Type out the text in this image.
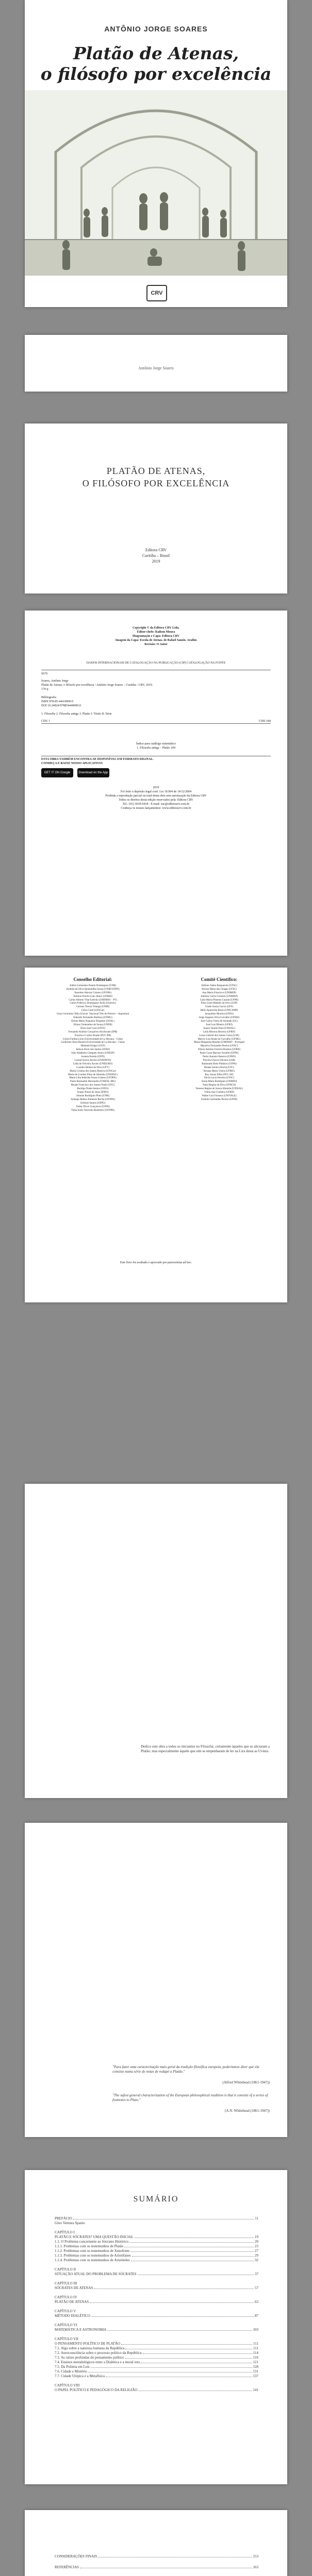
ANTÔNIO JORGE SOARES
Platão de Atenas,
o filósofo por excelência
CRV
Antônio Jorge Soares
PLATÃO DE ATENAS,
O FILÓSOFO POR EXCELÊNCIA
Editora CRV
Curitiba – Brasil
2019
Copyright © da Editora CRV Ltda.
Editor-chefe: Railson Moura
Diagramação e Capa: Editora CRV
Imagem da Capa: Escola de Atenas, de Rafael Sanzio. Arafim
Revisão: O Autor
DADOS INTERNACIONAIS DE CATALOGAÇÃO NA PUBLICAÇÃO (CIP) CATALOGAÇÃO NA FONTE
S676
Soares, Antônio Jorge
Platão de Atenas, o filósofo por excelência / Antônio Jorge Soares – Curitiba : CRV, 2019.
170 p.
Bibliografia
ISBN 978-85-444-0000-0
DOI 10.24824/978854440000.0
1. Filosofia 2. Filosofia antiga 3. Platão I. Título II. Série
CDU 1	CDD 184
Índice para catálogo sistemático
1. Filosofia antiga – Platão 184
ESTA OBRA TAMBÉM ENCONTRA-SE DISPONÍVEL EM FORMATO DIGITAL.
CONHEÇA E BAIXE NOSSO APLICATIVO!
GET IT ON Google Play
Download on the App Store
2019
Foi feito o depósito legal conf. Lei 10.994 de 14/12/2004
Proibida a reprodução parcial ou total desta obra sem autorização da Editora CRV
Todos os direitos desta edição reservados pela: Editora CRV
Tel.: (41) 3039-6418 - E-mail: sac@editoracrv.com.br
Conheça os nossos lançamentos: www.editoracrv.com.br
Conselho Editorial:
Aldira Guimarães Duarte Domínguez (UNB)
Andréia da Silva Quintanilha Sousa (UNIR/UFRN)
Anselmo Alencar Colares (UFOPA)
Antônio Pereira Gaio Júnior (UFRRJ)
Carlos Alberto Vilar Estêvão (UMINHO – PT)
Carlos Federico Dominguez Avila (Unieuro)
Carmen Tereza Velanga (UNIR)
Celso Conti (UFSCar)
Cesar Gerónimo Tello (Univer .Nacional Três de Febrero – Argentina)
Eduardo Fernandes Barbosa (UFMG)
Elione Maria Nogueira Diogenes (UFAL)
Elizeu Clementino de Souza (UNEB)
Élsio José Corá (UFFS)
Fernando Antônio Gonçalves Alcoforado (IPB)
Francisco Carlos Duarte (PUC-PR)
Gloria Fariñas León (Universidade de La Havana – Cuba)
Guillermo Arias Beatón (Universidade de La Havana – Cuba)
Helmuth Krüger (UCP)
Jailson Alves dos Santos (UFRJ)
João Adalberto Campato Junior (UNESP)
Josania Portela (UFPI)
Leonel Severo Rocha (UNISINOS)
Lídia de Oliveira Xavier (UNIEURO)
Lourdes Helena da Silva (UFV)
Maria Cristina dos Santos Bezerra (UFSCar)
Maria de Lourdes Pinto de Almeida (UNOESC)
Maria Lília Imbiriba Sousa Colares (UFOPA)
Paulo Romualdo Hernandes (UNIFAL-MG)
Renato Francisco dos Santos Paula (UFG)
Rodrigo Pratte-Santos (UFES)
Sergio Nunes de Jesus (IFRO)
Simone Rodrigues Pinto (UNB)
Solange Helena Ximenes-Rocha (UFOPA)
Sydione Santos (UEPG)
Tadeu Oliver Gonçalves (UFPA)
Tania Suely Azevedo Brasileiro (UFOPA)
Comitê Científico:
Adilson Tadeu Basquerote (UFSC)
Afonso Maria das Chagas (UFSC)
Ana Maria Francisco (UNIMEP)
Antônio Carlos Giuliani (UNIMEP)
Carla Maria Pimenta Casada (UFPR)
Elisa Gemi Mendes da Silva (USP)
Gisele Souza Garcia (UFF)
Hélio Aparecido Rossi (UNICAMP)
Jacqueline Moreira (UFES)
Jorge Augusto Silva Carvalho (UFMA)
José Carlos Vieira de Andrade (UC)
José Luiz Ribeiro (UFRJ)
Juarez Varallo Pont (UNISAL)
Leila Moreira Bezerra (UFRN)
Lucas Gabriel dos Santos Costa (USP)
Marcio Luiz Bunte de Carvalho (UFMG)
Maria Margarida Mendes (UMINHO – Portugal)
Maurício Fernandes Pereira (UFSC)
Nilson Antônio Ferreira Roseira (UFRN)
Paulo Cesar Barroso Serafim (UFPA)
Pedro Antonio Bezerra (UFRN)
Priscila Chaves Oliveira (UnB)
Raimundo Brito Pinheiro (UFPA)
Renata Saraiva Rocha (UFC)
Rosana Maria Vieira (UFMG)
Ruy Souza Filho (PUC-SP)
Silvia Lucia Ferreira (UFSC)
Sonia Maria Rodrigues (UNIRIO)
Tania Regina da Silva (UFRGS)
Vanessa Regina de Souza Almeida (UNISAL)
Vilma Ana Coimbra (UFRN)
Walter Luís Fonseca (UNIVALE)
Zuleide Guimarães Pereira (UFPE)
Este livro foi avaliado e aprovado por pareceristas ad hoc.
Dedico este obra a todos os iniciantes no Filosofar, certamente àqueles que se aliciaram a Platão; mas especialmente àquele que sim se empenharam de ler na Lira desta as Uvinta.
"Para fazer uma caracterização mais geral da tradição filosófica europeia, poderíamos dizer que ela consiste numa série de notas de rodapé a Platão."
(Alfred Whitehead (1861-1947))
"The safest general characterization of the European philosophical tradition is that it consists of a series of footnotes to Plato."
(A.N. Whitehead (1861-1947))
SUMÁRIO
PREFÁCIO	11
Gino Ventura Spanio
CAPÍTULO I
PLATÃO E SÓCRATES? UMA QUESTÃO INICIAL	19
1.1. O Problema concernente ao Sócrates Histórico	20
1.1.1. Problemas com os testemunhos de Platão	23
1.1.2. Problemas com os testemunhos de Xenofonte	27
1.1.3. Problemas com os testemunhos de Aristófanes	29
1.1.4. Problemas com os testemunhos de Aristóteles	32
CAPÍTULO II
SITUAÇÃO ATUAL DO PROBLEMA DE SÓCRATES	37
CAPÍTULO III
SÓCRATES DE ATENAS	57
CAPÍTULO IV
PLATÃO DE ATENAS	63
CAPÍTULO V
MÉTODO DIALÉTICO	87
CAPÍTULO VI
MATEMÁTICA E ASTRONOMIA	103
CAPÍTULO VII
O PENSAMENTO POLÍTICO DE PLATÃO	111
7.1. Algo sobre a natureza humana da República	111
7.2. Autoconsciência sobre o processo político da República	114
7.3. As raízes profundas do pensamento político	116
7.4. Ensinos metodológicos entre a Dialética e a moral reta	121
7.5. Da Politeia em Leis	128
7.6. Cidade e Mistério	131
7.7. Cidade Utópica e a Metafísica	137
CAPÍTULO VIII
O PAPEL POLÍTICO E PEDAGÓGICO DA RELIGIÃO	141
CONSIDERAÇÕES FINAIS	153
REFERÊNCIAS	163
